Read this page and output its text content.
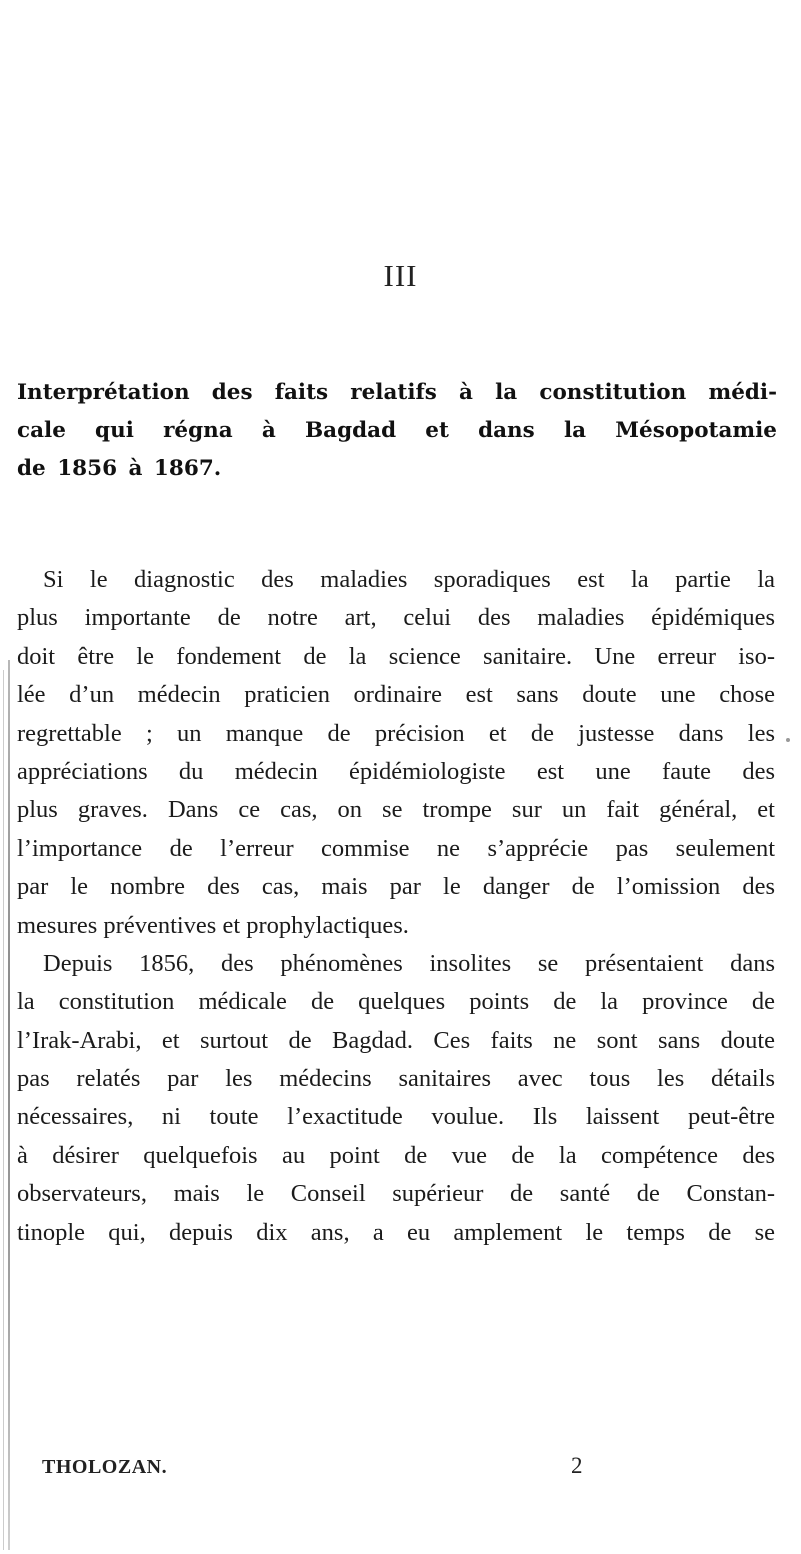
III
Interprétation des faits relatifs à la constitution médi-
cale qui régna à Bagdad et dans la Mésopotamie
de 1856 à 1867.
Si le diagnostic des maladies sporadiques est la partie la
plus importante de notre art, celui des maladies épidémiques
doit être le fondement de la science sanitaire. Une erreur iso-
lée d’un médecin praticien ordinaire est sans doute une chose
regrettable ; un manque de précision et de justesse dans les
appréciations du médecin épidémiologiste est une faute des
plus graves. Dans ce cas, on se trompe sur un fait général, et
l’importance de l’erreur commise ne s’apprécie pas seulement
par le nombre des cas, mais par le danger de l’omission des
mesures préventives et prophylactiques.
Depuis 1856, des phénomènes insolites se présentaient dans
la constitution médicale de quelques points de la province de
l’Irak-Arabi, et surtout de Bagdad. Ces faits ne sont sans doute
pas relatés par les médecins sanitaires avec tous les détails
nécessaires, ni toute l’exactitude voulue. Ils laissent peut-être
à désirer quelquefois au point de vue de la compétence des
observateurs, mais le Conseil supérieur de santé de Constan-
tinople qui, depuis dix ans, a eu amplement le temps de se
THOLOZAN.	2
